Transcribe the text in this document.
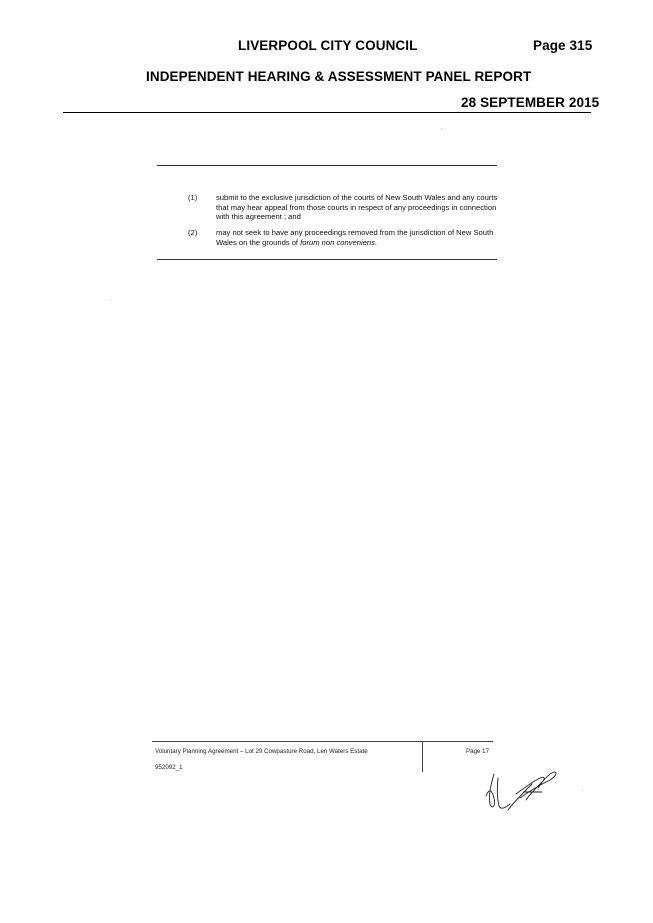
LIVERPOOL CITY COUNCIL	Page 315
INDEPENDENT HEARING & ASSESSMENT PANEL REPORT
28 SEPTEMBER 2015
(1) submit to the exclusive jurisdiction of the courts of New South Wales and any courts that may hear appeal from those courts in respect of any proceedings in connection with this agreement ; and
(2) may not seek to have any proceedings removed from the jurisdiction of New South Wales on the grounds of forum non conveniens.
Voluntary Planning Agreement – Lot 29 Cowpasture Road, Len Waters Estate	Page 17
952092_1
